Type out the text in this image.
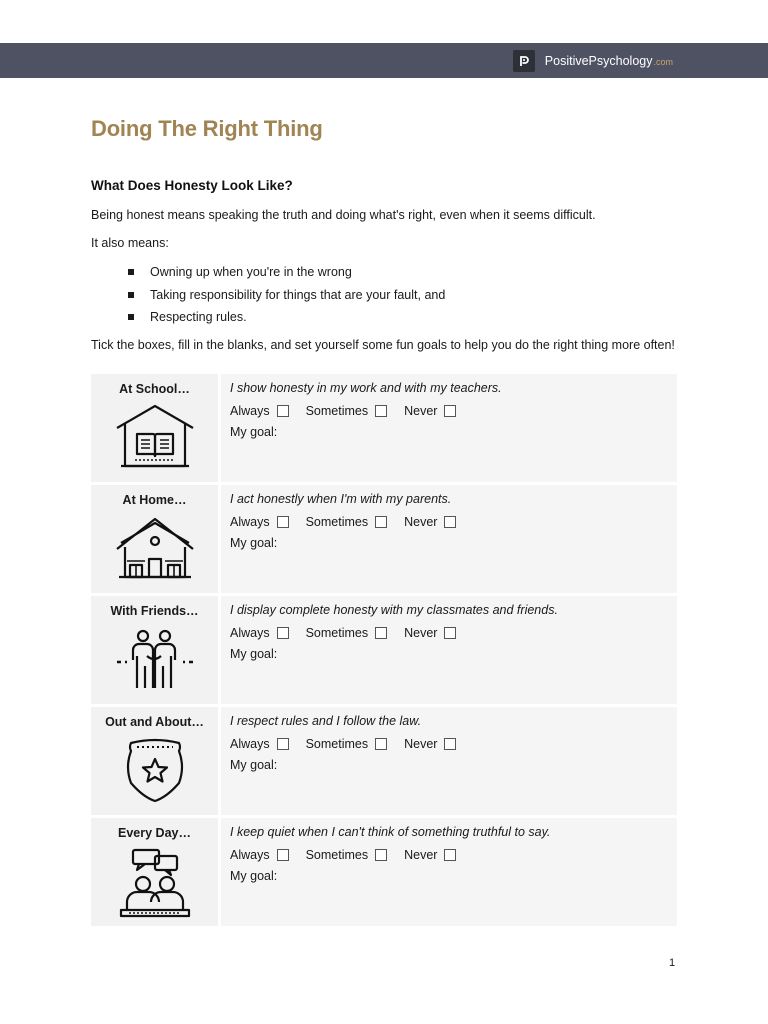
PositivePsychology .com
Doing The Right Thing
What Does Honesty Look Like?

Being honest means speaking the truth and doing what's right, even when it seems difficult.

It also means:

Owning up when you're in the wrong
Taking responsibility for things that are your fault, and
Respecting rules.

Tick the boxes, fill in the blanks, and set yourself some fun goals to help you do the right thing more often!

At School…	I show honesty in my work and with my teachers.
Always	Sometimes	Never
My goal:
At Home…	I act honestly when I'm with my parents.
Always	Sometimes	Never
My goal:
With Friends…	I display complete honesty with my classmates and friends.
Always	Sometimes	Never
My goal:
Out and About… I respect rules and I follow the law.
Always	Sometimes	Never
My goal:
Every Day…	I keep quiet when I can't think of something truthful to say.
Always	Sometimes	Never
My goal:
1
